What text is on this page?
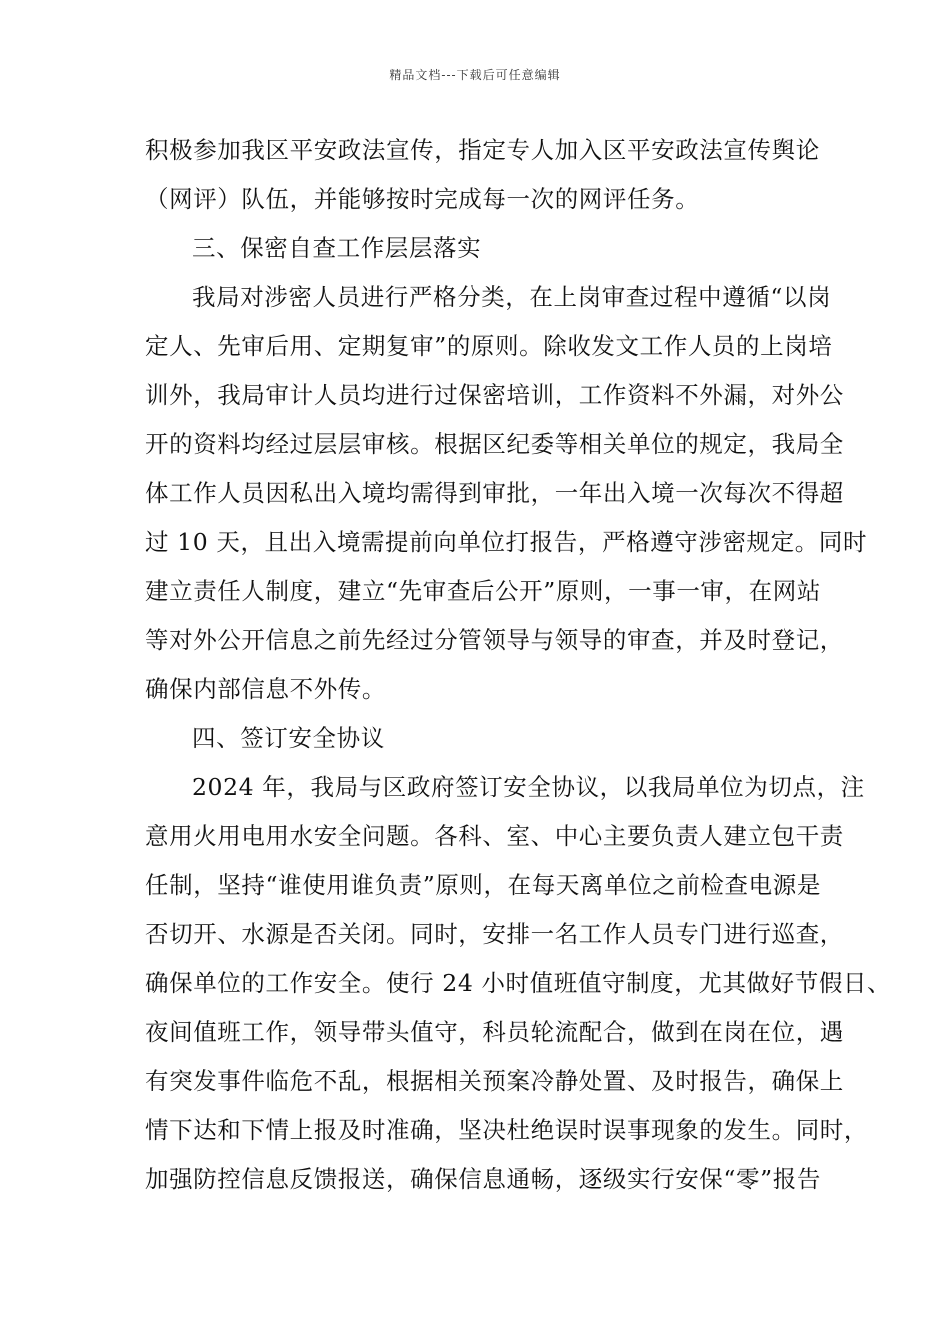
精品文档---下载后可任意编辑
积极参加我区平安政法宣传，指定专人加入区平安政法宣传舆论
（网评）队伍，并能够按时完成每一次的网评任务。
三、保密自查工作层层落实
我局对涉密人员进行严格分类，在上岗审查过程中遵循“以岗
定人、先审后用、定期复审”的原则。除收发文工作人员的上岗培
训外，我局审计人员均进行过保密培训，工作资料不外漏，对外公
开的资料均经过层层审核。根据区纪委等相关单位的规定，我局全
体工作人员因私出入境均需得到审批，一年出入境一次每次不得超
过 10 天，且出入境需提前向单位打报告，严格遵守涉密规定。同时
建立责任人制度，建立“先审查后公开”原则，一事一审，在网站
等对外公开信息之前先经过分管领导与领导的审查，并及时登记，
确保内部信息不外传。
四、签订安全协议
2024 年，我局与区政府签订安全协议，以我局单位为切点，注
意用火用电用水安全问题。各科、室、中心主要负责人建立包干责
任制，坚持“谁使用谁负责”原则，在每天离单位之前检查电源是
否切开、水源是否关闭。同时，安排一名工作人员专门进行巡查，
确保单位的工作安全。使行 24 小时值班值守制度，尤其做好节假日、
夜间值班工作，领导带头值守，科员轮流配合，做到在岗在位，遇
有突发事件临危不乱，根据相关预案冷静处置、及时报告，确保上
情下达和下情上报及时准确，坚决杜绝误时误事现象的发生。同时，
加强防控信息反馈报送，确保信息通畅，逐级实行安保“零”报告
